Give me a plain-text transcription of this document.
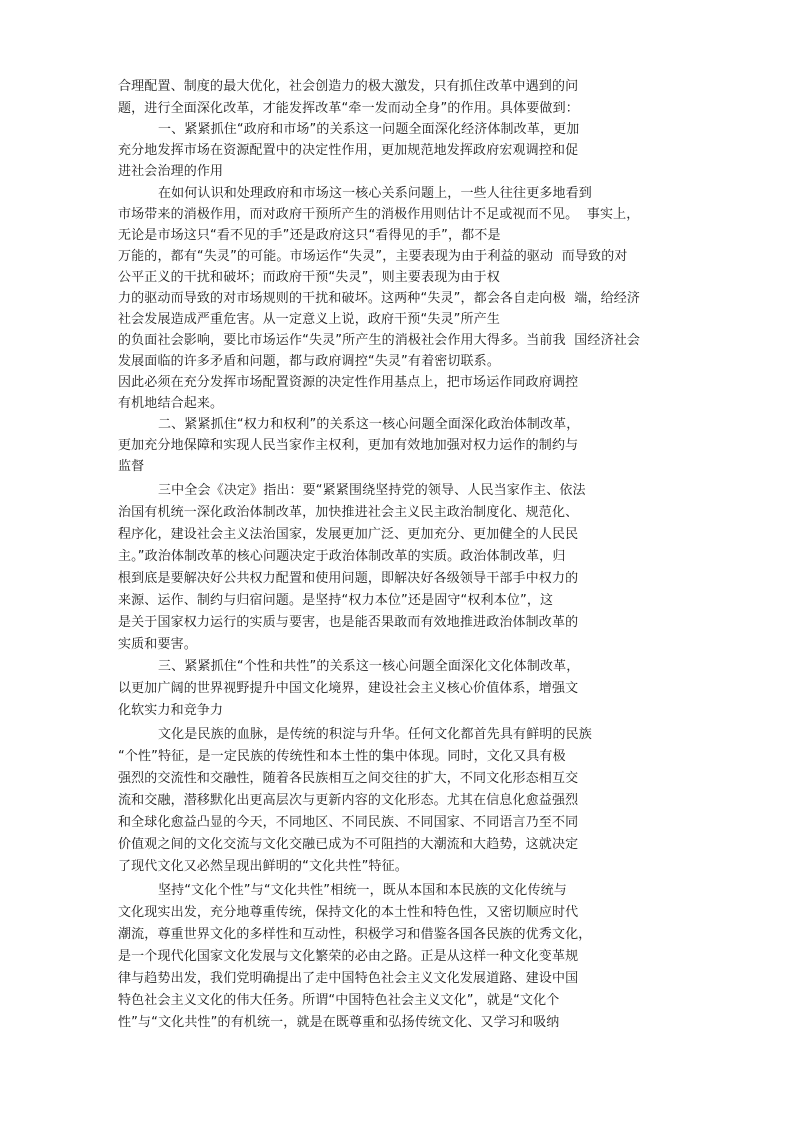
合理配置、制度的最大优化，社会创造力的极大激发，只有抓住改革中遇到的问

题，进行全面深化改革，才能发挥改革“牵一发而动全身”的作用。具体要做到：

一、紧紧抓住“政府和市场”的关系这一问题全面深化经济体制改革，更加

充分地发挥市场在资源配置中的决定性作用，更加规范地发挥政府宏观调控和促

进社会治理的作用

在如何认识和处理政府和市场这一核心关系问题上，一些人往往更多地看到

市场带来的消极作用，而对政府干预所产生的消极作用则估计不足或视而不见。  事实上，

无论是市场这只“看不见的手”还是政府这只“看得见的手”，都不是

万能的，都有“失灵”的可能。市场运作“失灵”，主要表现为由于利益的驱动  而导致的对

公平正义的干扰和破坏；而政府干预“失灵”，则主要表现为由于权

力的驱动而导致的对市场规则的干扰和破坏。这两种“失灵”，都会各自走向极  端，给经济

社会发展造成严重危害。从一定意义上说，政府干预“失灵”所产生

的负面社会影响，要比市场运作“失灵”所产生的消极社会作用大得多。当前我  国经济社会

发展面临的许多矛盾和问题，都与政府调控“失灵”有着密切联系。

因此必须在充分发挥市场配置资源的决定性作用基点上，把市场运作同政府调控

有机地结合起来。

二、紧紧抓住“权力和权利”的关系这一核心问题全面深化政治体制改革，

更加充分地保障和实现人民当家作主权利，更加有效地加强对权力运作的制约与

监督

三中全会《决定》指出：要“紧紧围绕坚持党的领导、人民当家作主、依法

治国有机统一深化政治体制改革，加快推进社会主义民主政治制度化、规范化、

程序化，建设社会主义法治国家，发展更加广泛、更加充分、更加健全的人民民

主。”政治体制改革的核心问题决定于政治体制改革的实质。政治体制改革，归

根到底是要解决好公共权力配置和使用问题，即解决好各级领导干部手中权力的

来源、运作、制约与归宿问题。是坚持“权力本位”还是固守“权利本位”，这

是关于国家权力运行的实质与要害，也是能否果敢而有效地推进政治体制改革的

实质和要害。

三、紧紧抓住“个性和共性”的关系这一核心问题全面深化文化体制改革，

以更加广阔的世界视野提升中国文化境界，建设社会主义核心价值体系，增强文

化软实力和竞争力

文化是民族的血脉，是传统的积淀与升华。任何文化都首先具有鲜明的民族

“个性”特征，是一定民族的传统性和本土性的集中体现。同时，文化又具有极

强烈的交流性和交融性，随着各民族相互之间交往的扩大，不同文化形态相互交

流和交融，潜移默化出更高层次与更新内容的文化形态。尤其在信息化愈益强烈

和全球化愈益凸显的今天，不同地区、不同民族、不同国家、不同语言乃至不同

价值观之间的文化交流与文化交融已成为不可阻挡的大潮流和大趋势，这就决定

了现代文化又必然呈现出鲜明的“文化共性”特征。

坚持“文化个性”与“文化共性”相统一，既从本国和本民族的文化传统与

文化现实出发，充分地尊重传统，保持文化的本土性和特色性，又密切顺应时代

潮流，尊重世界文化的多样性和互动性，积极学习和借鉴各国各民族的优秀文化，

是一个现代化国家文化发展与文化繁荣的必由之路。正是从这样一种文化变革规

律与趋势出发，我们党明确提出了走中国特色社会主义文化发展道路、建设中国

特色社会主义文化的伟大任务。所谓“中国特色社会主义文化”，就是“文化个

性”与“文化共性”的有机统一，就是在既尊重和弘扬传统文化、又学习和吸纳
